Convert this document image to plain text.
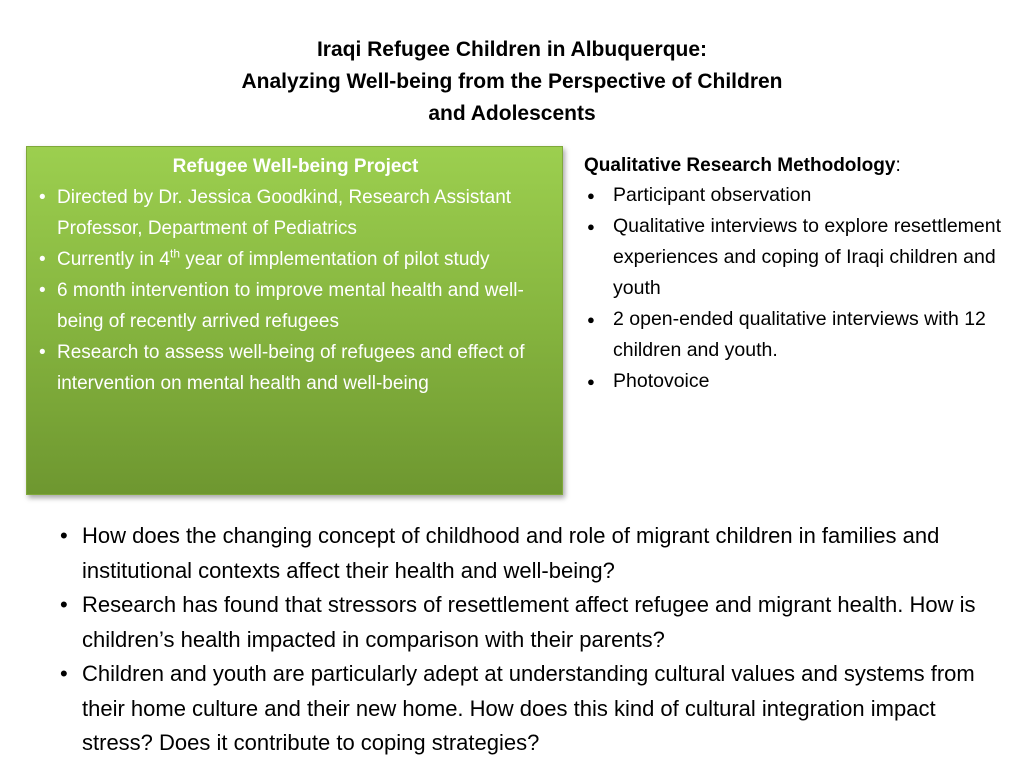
Iraqi Refugee Children in Albuquerque:
Analyzing Well-being from the Perspective of Children
and Adolescents
Refugee Well-being Project
• Directed by Dr. Jessica Goodkind, Research Assistant Professor, Department of Pediatrics
• Currently in 4th year of implementation of pilot study
• 6 month intervention to improve mental health and well-being of recently arrived refugees
• Research to assess well-being of refugees and effect of intervention on mental health and well-being
Qualitative Research Methodology:
● Participant observation
● Qualitative interviews to explore resettlement experiences and coping of Iraqi children and youth
● 2 open-ended qualitative interviews with 12 children and youth.
● Photovoice
• How does the changing concept of childhood and role of migrant children in families and institutional contexts affect their health and well-being?
• Research has found that stressors of resettlement affect refugee and migrant health. How is children’s health impacted in comparison with their parents?
• Children and youth are particularly adept at understanding cultural values and systems from their home culture and their new home. How does this kind of cultural integration impact stress? Does it contribute to coping strategies?
